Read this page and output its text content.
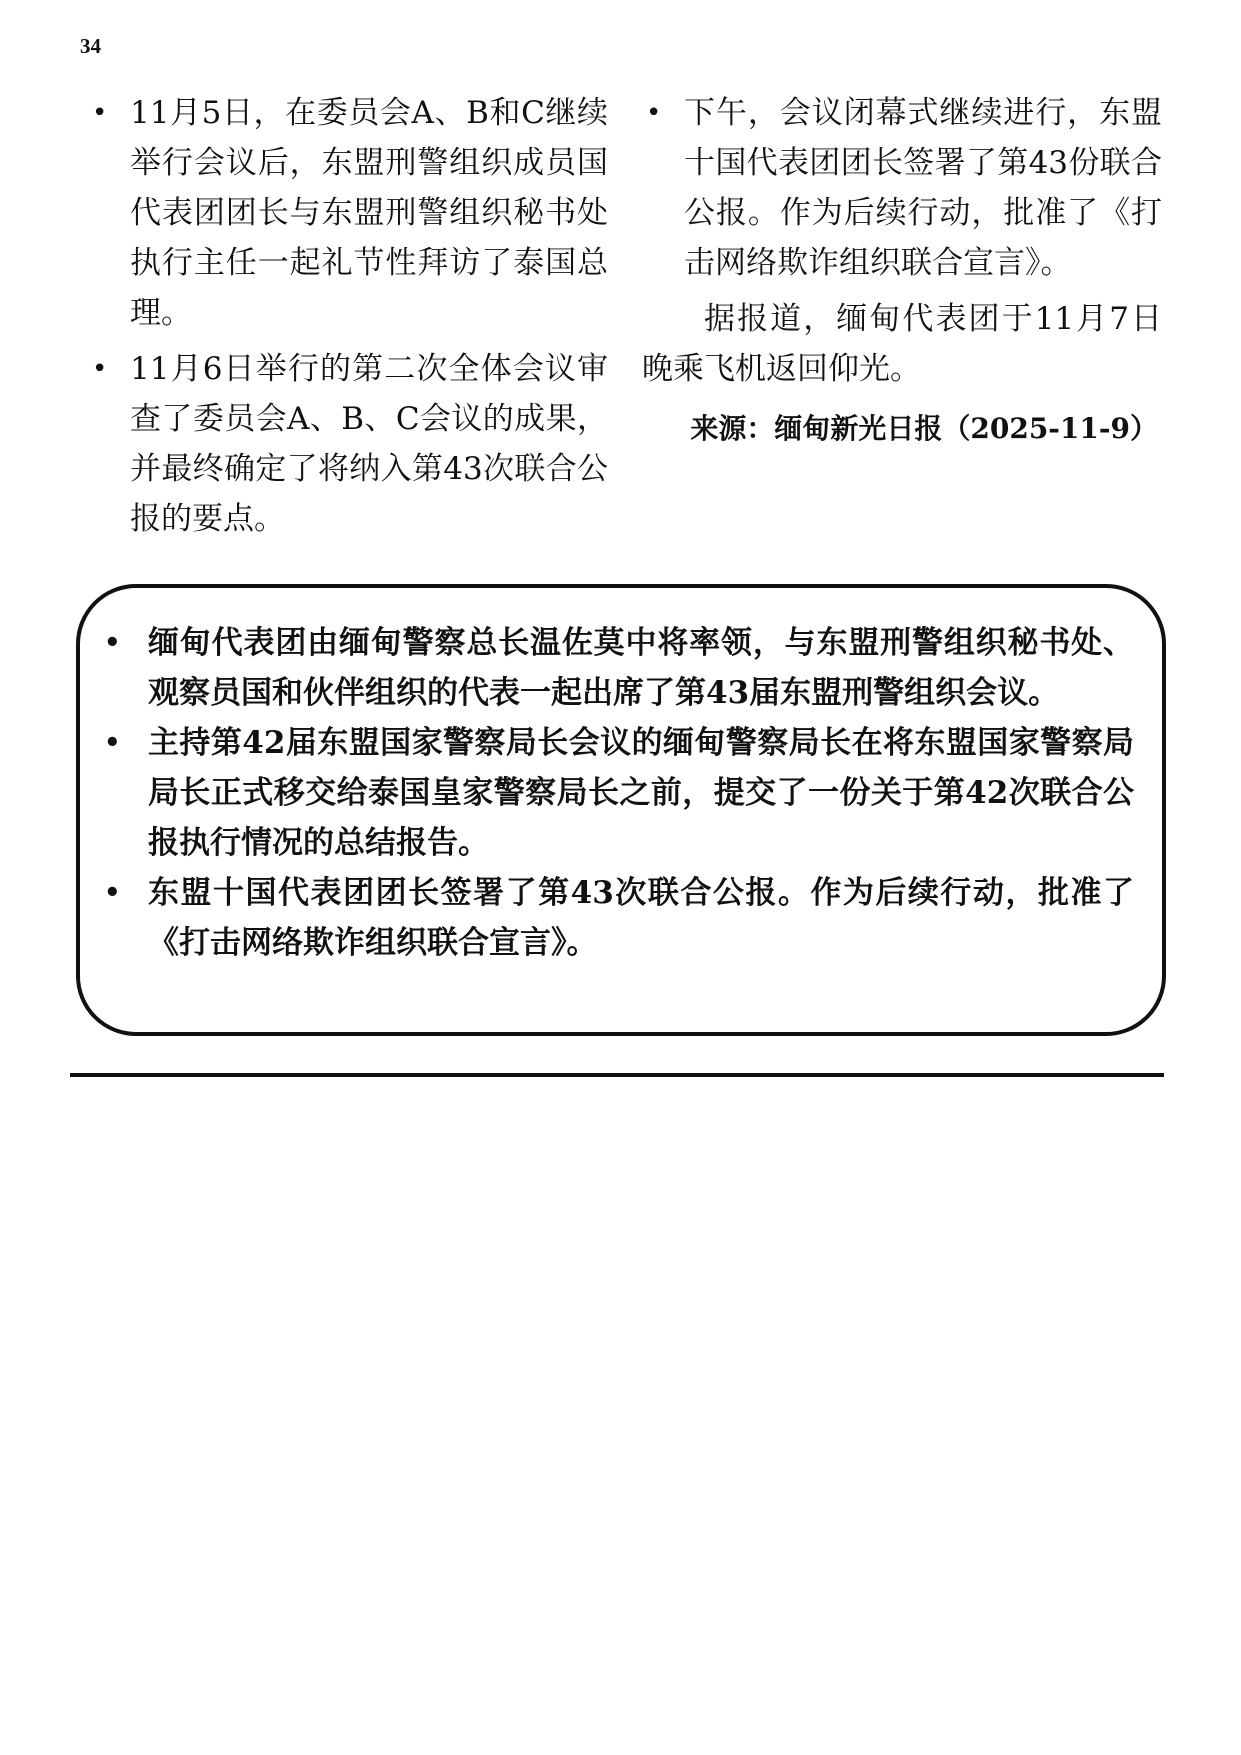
34
• 11月5日，在委员会A、B和C继续举行会议后，东盟刑警组织成员国代表团团长与东盟刑警组织秘书处执行主任一起礼节性拜访了泰国总理。
• 11月6日举行的第二次全体会议审查了委员会A、B、C会议的成果，并最终确定了将纳入第43次联合公报的要点。
• 下午，会议闭幕式继续进行，东盟十国代表团团长签署了第43份联合公报。作为后续行动，批准了《打击网络欺诈组织联合宣言》。

据报道，缅甸代表团于11月7日晚乘飞机返回仰光。

来源：缅甸新光日报（2025-11-9）
• 缅甸代表团由缅甸警察总长温佐莫中将率领，与东盟刑警组织秘书处、观察员国和伙伴组织的代表一起出席了第43届东盟刑警组织会议。
• 主持第42届东盟国家警察局长会议的缅甸警察局长在将东盟国家警察局局长正式移交给泰国皇家警察局长之前，提交了一份关于第42次联合公报执行情况的总结报告。
• 东盟十国代表团团长签署了第43次联合公报。作为后续行动，批准了《打击网络欺诈组织联合宣言》。
